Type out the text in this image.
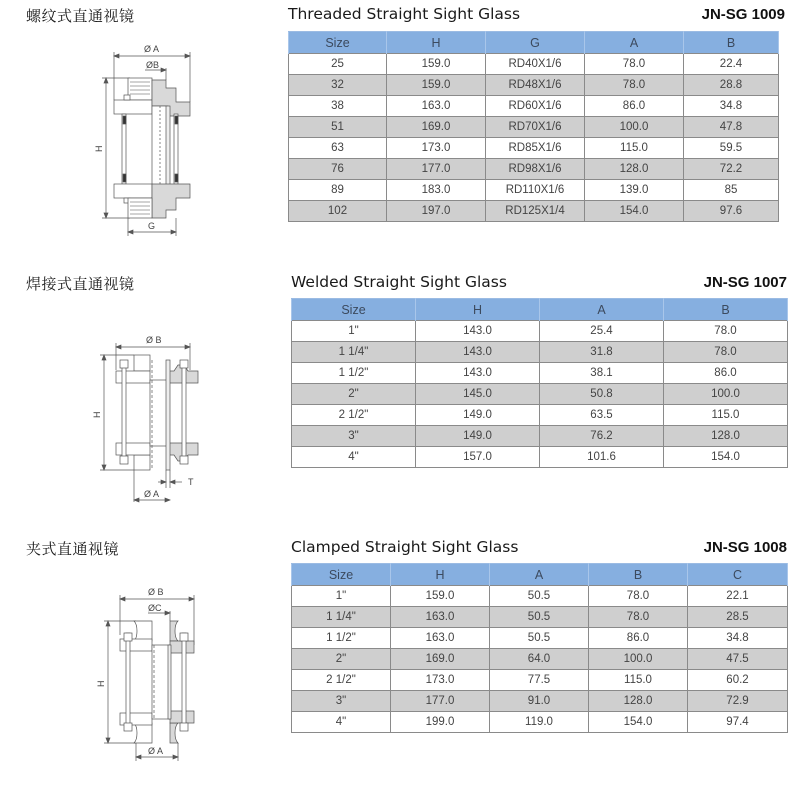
螺纹式直通视镜	Threaded Straight Sight Glass	JN-SG 1009
Ø A
ØB
H
G
Size	H	G	A	B
25	159.0	RD40X1/6	78.0	22.4
32	159.0	RD48X1/6	78.0	28.8
38	163.0	RD60X1/6	86.0	34.8
51	169.0	RD70X1/6	100.0	47.8
63	173.0	RD85X1/6	115.0	59.5
76	177.0	RD98X1/6	128.0	72.2
89	183.0	RD110X1/6	139.0	85
102	197.0	RD125X1/4	154.0	97.6
焊接式直通视镜	Welded Straight Sight Glass	JN-SG 1007
Ø B
H
T
Ø A
Size	H	A	B
1"	143.0	25.4	78.0
1 1/4"	143.0	31.8	78.0
1 1/2"	143.0	38.1	86.0
2"	145.0	50.8	100.0
2 1/2"	149.0	63.5	115.0
3"	149.0	76.2	128.0
4"	157.0	101.6	154.0
夹式直通视镜	Clamped Straight Sight Glass	JN-SG 1008
Ø B
ØC
H
Ø A
Size	H	A	B	C
1"	159.0	50.5	78.0	22.1
1 1/4"	163.0	50.5	78.0	28.5
1 1/2"	163.0	50.5	86.0	34.8
2"	169.0	64.0	100.0	47.5
2 1/2"	173.0	77.5	115.0	60.2
3"	177.0	91.0	128.0	72.9
4"	199.0	119.0	154.0	97.4
